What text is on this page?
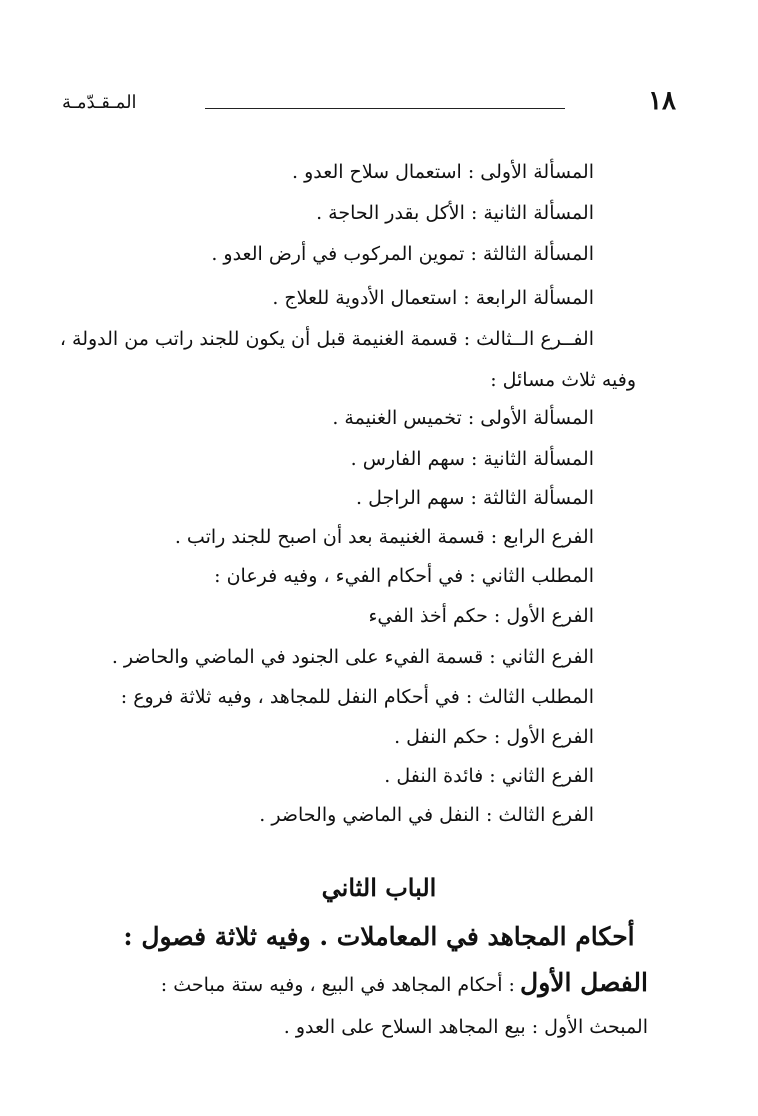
١٨
المـقـدّمـة
المسألة الأولى : استعمال سلاح العدو .
المسألة الثانية : الأكل بقدر الحاجة .
المسألة الثالثة : تموين المركوب في أرض العدو .
المسألة الرابعة : استعمال الأدوية للعلاج .
الفــرع الــثالث : قسمة الغنيمة قبل أن يكون للجند راتب من الدولة ،
وفيه ثلاث مسائل :
المسألة الأولى : تخميس الغنيمة .
المسألة الثانية : سهم الفارس .
المسألة الثالثة : سهم الراجل .
الفرع الرابع : قسمة الغنيمة بعد أن اصبح للجند راتب .
المطلب الثاني : في أحكام الفيء ، وفيه فرعان :
الفرع الأول : حكم أخذ الفيء
الفرع الثاني : قسمة الفيء على الجنود في الماضي والحاضر .
المطلب الثالث : في أحكام النفل للمجاهد ، وفيه ثلاثة فروع :
الفرع الأول : حكم النفل .
الفرع الثاني : فائدة النفل .
الفرع الثالث : النفل في الماضي والحاضر .
الباب الثاني
أحكام المجاهد في المعاملات . وفيه ثلاثة فصول :
الفصل الأول : أحكام المجاهد في البيع ، وفيه ستة مباحث :
المبحث الأول : بيع المجاهد السلاح على العدو .
